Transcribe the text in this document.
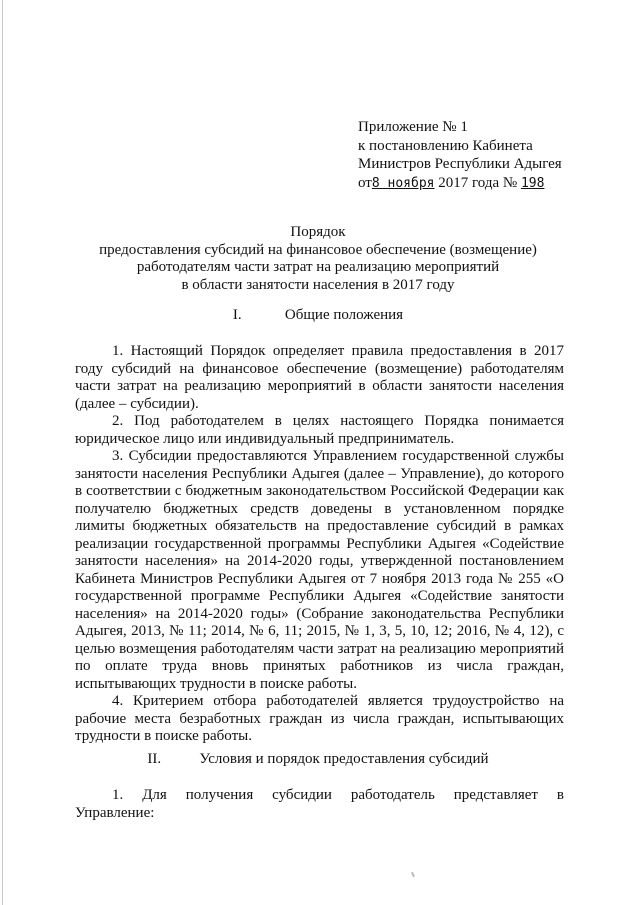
Приложение № 1
к постановлению Кабинета
Министров Республики Адыгея
от8 ноября 2017 года № 198
Порядок
предоставления субсидий на финансовое обеспечение (возмещение)
работодателям части затрат на реализацию мероприятий
в области занятости населения в 2017 году
I.	Общие положения

1. Настоящий Порядок определяет правила предоставления в 2017 году субсидий на финансовое обеспечение (возмещение) работодателям части затрат на реализацию мероприятий в области занятости населения (далее – субсидии).

2. Под работодателем в целях настоящего Порядка понимается юридическое лицо или индивидуальный предприниматель.

3. Субсидии предоставляются Управлением государственной службы занятости населения Республики Адыгея (далее – Управление), до которого в соответствии с бюджетным законодательством Российской Федерации как получателю бюджетных средств доведены в установленном порядке лимиты бюджетных обязательств на предоставление субсидий в рамках реализации государственной программы Республики Адыгея «Содействие занятости населения» на 2014-2020 годы, утвержденной постановлением Кабинета Министров Республики Адыгея от 7 ноября 2013 года № 255 «О государственной программе Республики Адыгея «Содействие занятости населения» на 2014-2020 годы» (Собрание законодательства Республики Адыгея, 2013, № 11; 2014, № 6, 11; 2015, № 1, 3, 5, 10, 12; 2016, № 4, 12), с целью возмещения работодателям части затрат на реализацию мероприятий по оплате труда вновь принятых работников из числа граждан, испытывающих трудности в поиске работы.

4. Критерием отбора работодателей является трудоустройство на рабочие места безработных граждан из числа граждан, испытывающих трудности в поиске работы.

II.	Условия и порядок предоставления субсидий
1. Для получения субсидии работодатель представляет в
Управление:
